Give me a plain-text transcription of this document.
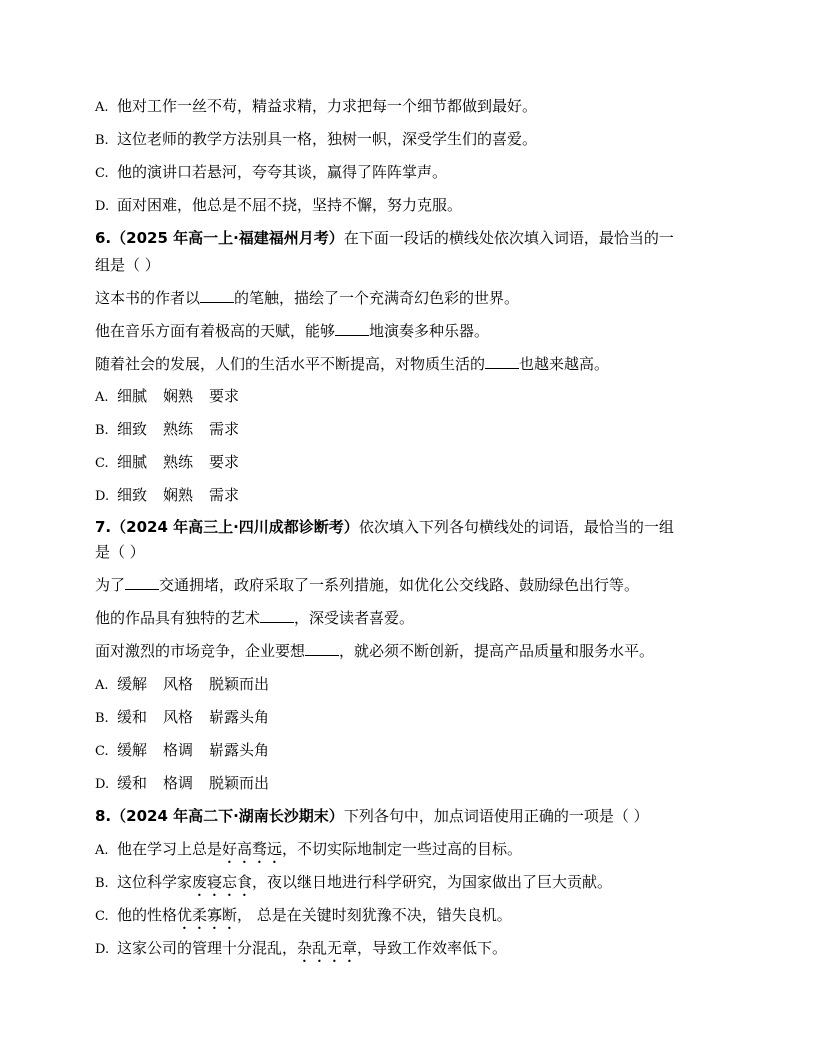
A. 他对工作一丝不苟，精益求精，力求把每一个细节都做到最好。
B. 这位老师的教学方法别具一格，独树一帜，深受学生们的喜爱。
C. 他的演讲口若悬河，夸夸其谈，赢得了阵阵掌声。
D. 面对困难，他总是不屈不挠，坚持不懈，努力克服。
6.（2025 年高一上·福建福州月考）在下面一段话的横线处依次填入词语，最恰当的一
组是（ ）
这本书的作者以 的笔触，描绘了一个充满奇幻色彩的世界。
他在音乐方面有着极高的天赋，能够 地演奏多种乐器。
随着社会的发展，人们的生活水平不断提高，对物质生活的 也越来越高。
A. 细腻 娴熟 要求
B. 细致 熟练 需求
C. 细腻 熟练 要求
D. 细致 娴熟 需求
7.（2024 年高三上·四川成都诊断考）依次填入下列各句横线处的词语，最恰当的一组
是（ ）
为了 交通拥堵，政府采取了一系列措施，如优化公交线路、鼓励绿色出行等。
他的作品具有独特的艺术 ，深受读者喜爱。
面对激烈的市场竞争，企业要想 ，就必须不断创新，提高产品质量和服务水平。
A. 缓解 风格 脱颖而出
B. 缓和 风格 崭露头角
C. 缓解 格调 崭露头角
D. 缓和 格调 脱颖而出
8.（2024 年高二下·湖南长沙期末）下列各句中，加点词语使用正确的一项是（ ）
A. 他在学习上总是好高骛远，不切实际地制定一些过高的目标。
B. 这位科学家废寝忘食，夜以继日地进行科学研究，为国家做出了巨大贡献。
C. 他的性格优柔寡断， 总是在关键时刻犹豫不决，错失良机。
D. 这家公司的管理十分混乱，杂乱无章，导致工作效率低下。
